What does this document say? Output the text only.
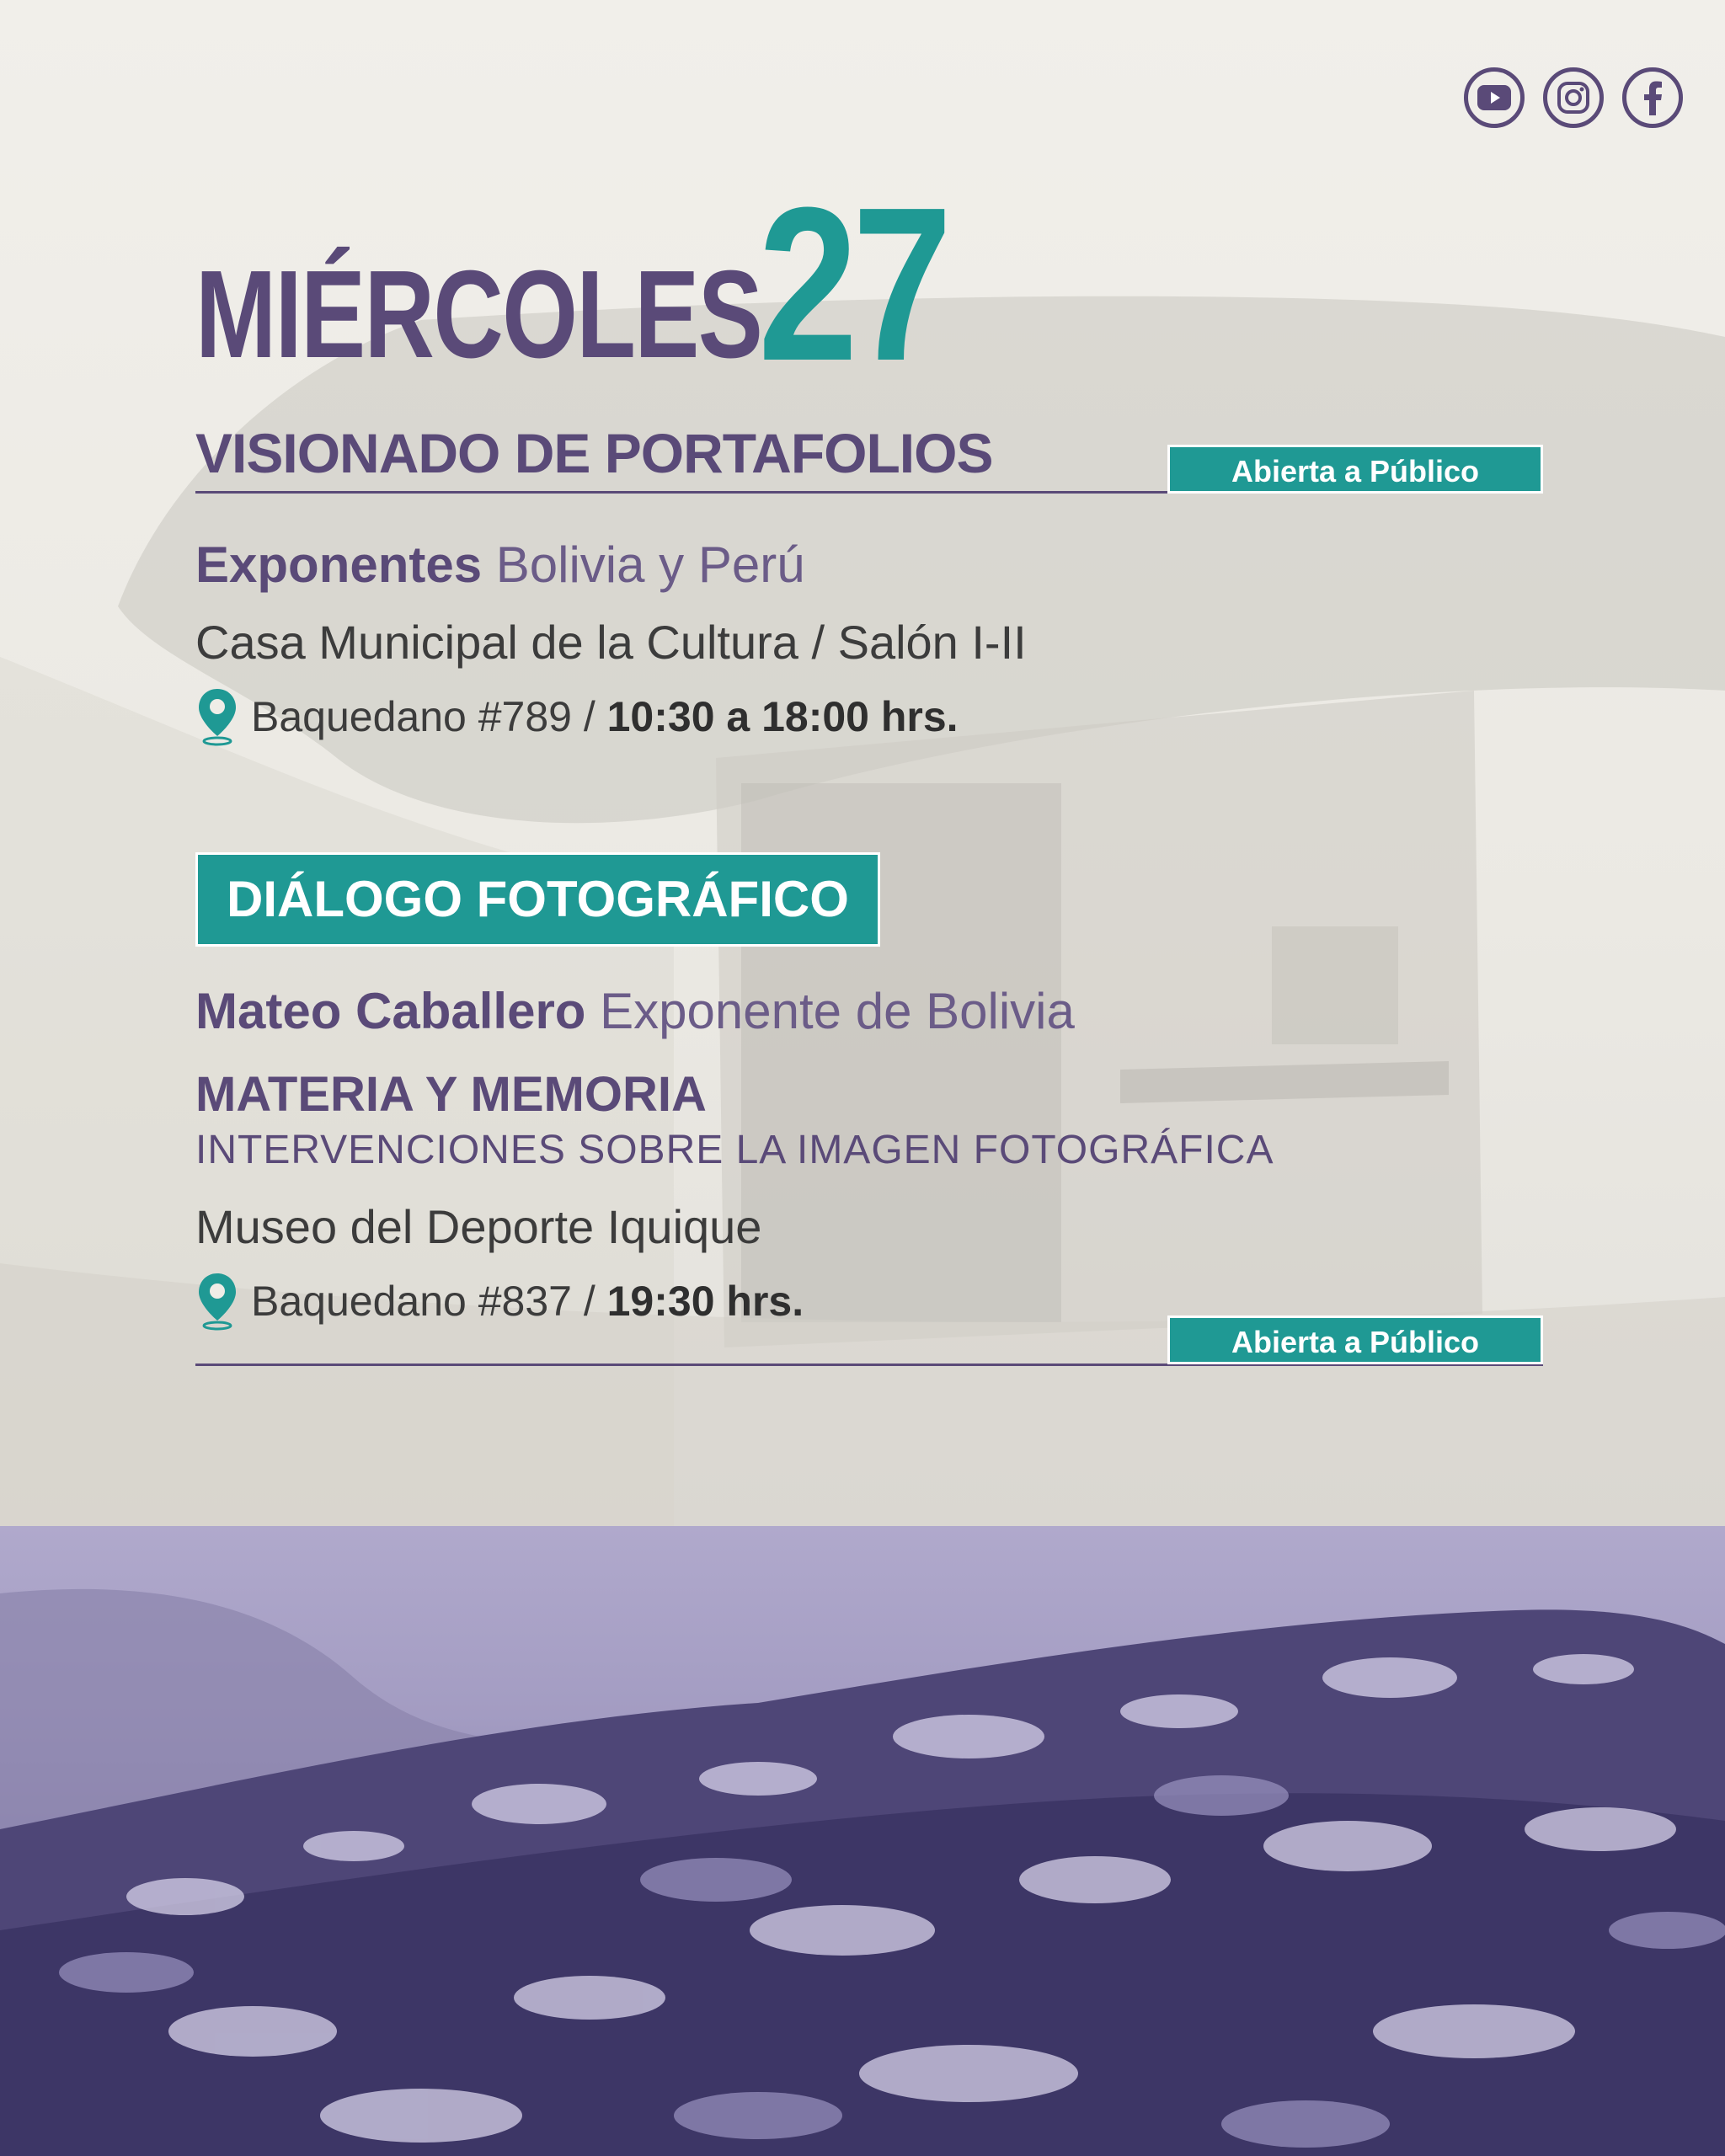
MIÉRCOLES
27
VISIONADO DE PORTAFOLIOS	Abierta a Público
Exponentes Bolivia y Perú
Casa Municipal de la Cultura / Salón I-II
Baquedano #789 / 10:30 a 18:00 hrs.
DIÁLOGO FOTOGRÁFICO
Mateo Caballero Exponente de Bolivia
MATERIA Y MEMORIA
INTERVENCIONES SOBRE LA IMAGEN FOTOGRÁFICA
Museo del Deporte Iquique
Baquedano #837 / 19:30 hrs.
Abierta a Público
